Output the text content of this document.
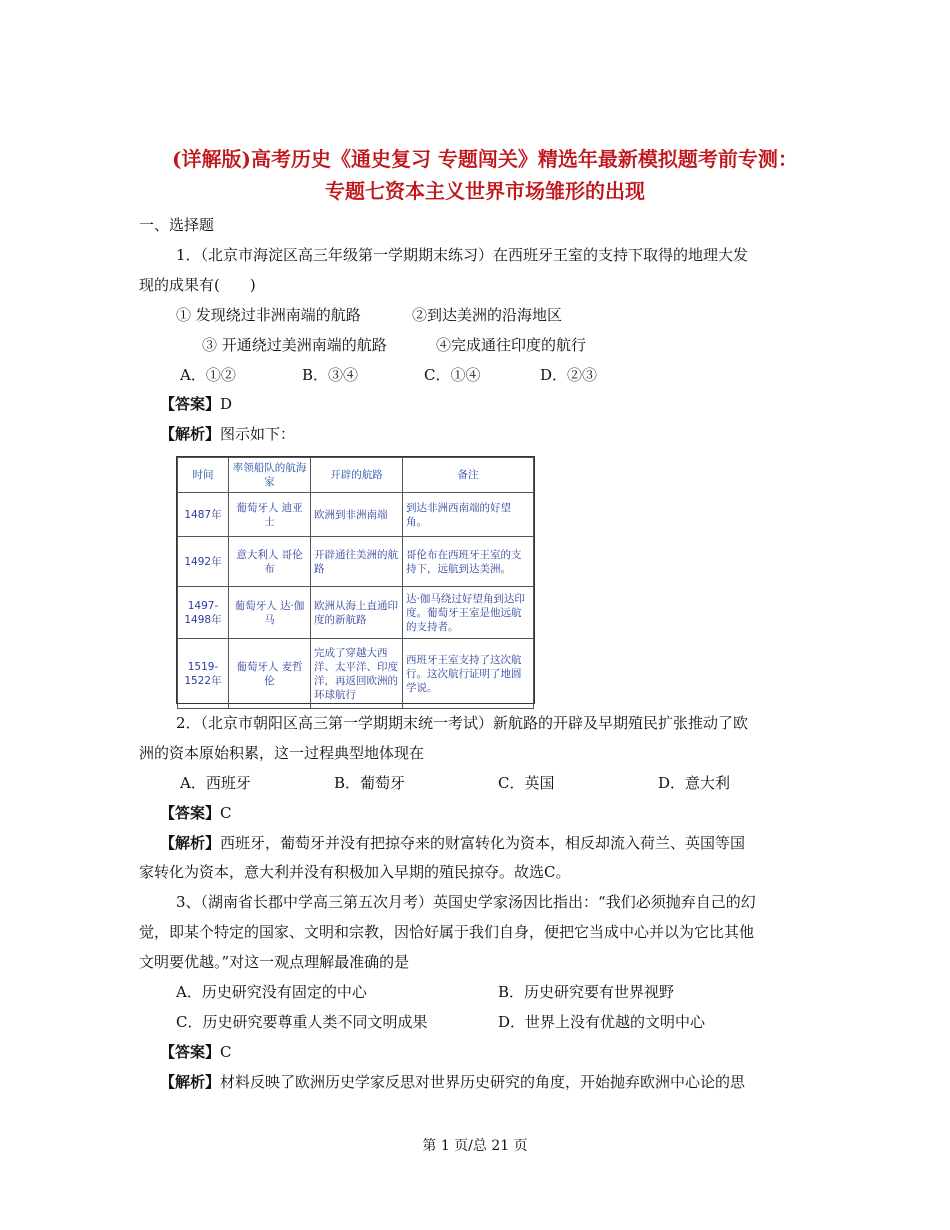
(详解版)高考历史《通史复习 专题闯关》精选年最新模拟题考前专测：
专题七资本主义世界市场雏形的出现
一、选择题
1．（北京市海淀区高三年级第一学期期末练习）在西班牙王室的支持下取得的地理大发
现的成果有(　　)
① 发现绕过非洲南端的航路	②到达美洲的沿海地区
③ 开通绕过美洲南端的航路	④完成通往印度的航行
A．①②	B．③④	C．①④	D．②③
【答案】D
【解析】图示如下：
时间	率领船队的航海家	开辟的航路	备注
1487年	葡萄牙人 迪亚士	欧洲到非洲南端	到达非洲西南端的好望角。
1492年	意大利人 哥伦布	开辟通往美洲的航路	哥伦布在西班牙王室的支持下，远航到达美洲。
1497-1498年	葡萄牙人 达·伽马	欧洲从海上直通印度的新航路	达·伽马绕过好望角到达印度。葡萄牙王室是他远航的支持者。
1519-1522年	葡萄牙人 麦哲伦	完成了穿越大西洋、太平洋、印度洋，再返回欧洲的环球航行	西班牙王室支持了这次航行。这次航行证明了地圆学说。
2．（北京市朝阳区高三第一学期期末统一考试）新航路的开辟及早期殖民扩张推动了欧
洲的资本原始积累，这一过程典型地体现在
A．西班牙	B．葡萄牙	C．英国	D．意大利
【答案】C
【解析】西班牙，葡萄牙并没有把掠夺来的财富转化为资本，相反却流入荷兰、英国等国
家转化为资本，意大利并没有积极加入早期的殖民掠夺。故选C。
3、（湖南省长郡中学高三第五次月考）英国史学家汤因比指出：“我们必须抛弃自己的幻
觉，即某个特定的国家、文明和宗教，因恰好属于我们自身，便把它当成中心并以为它比其他
文明要优越。”对这一观点理解最准确的是
A．历史研究没有固定的中心	B．历史研究要有世界视野
C．历史研究要尊重人类不同文明成果	D．世界上没有优越的文明中心
【答案】C
【解析】材料反映了欧洲历史学家反思对世界历史研究的角度，开始抛弃欧洲中心论的思
第 1 页/总 21 页
